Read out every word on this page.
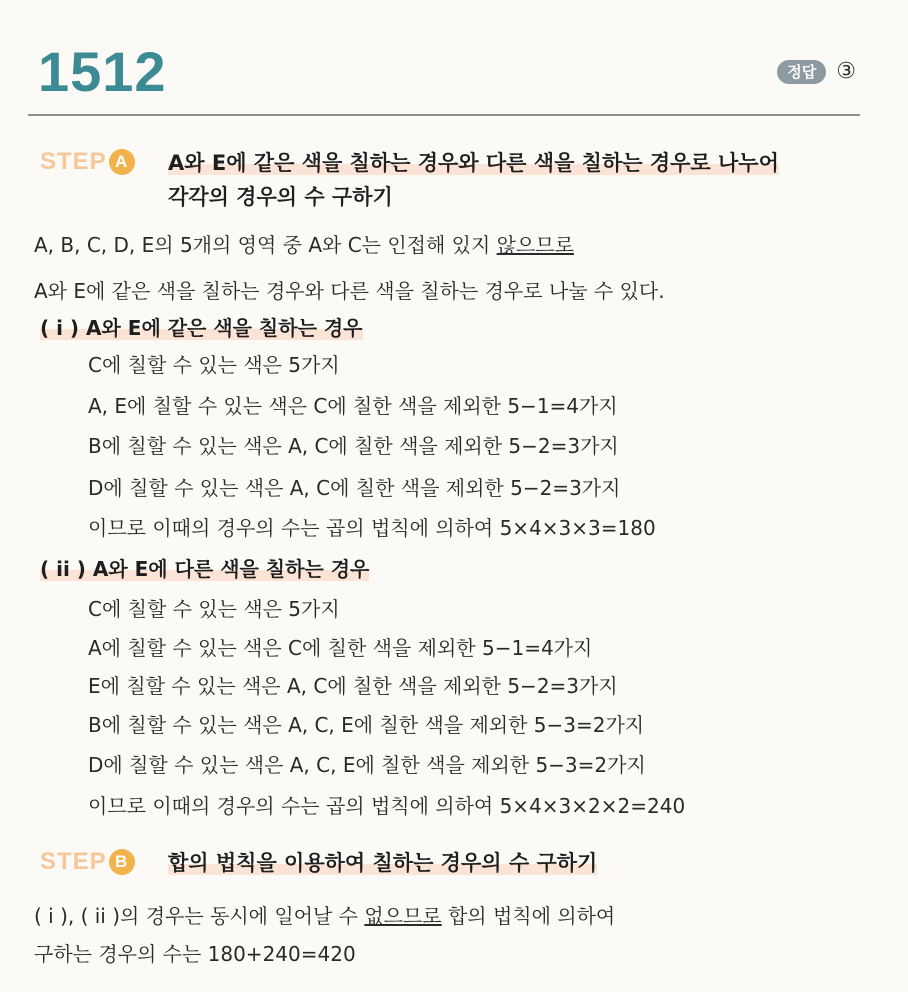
1512	정답 ③
STEP A	A와 E에 같은 색을 칠하는 경우와 다른 색을 칠하는 경우로 나누어
각각의 경우의 수 구하기
A, B, C, D, E의 5개의 영역 중 A와 C는 인접해 있지 않으므로
A와 E에 같은 색을 칠하는 경우와 다른 색을 칠하는 경우로 나눌 수 있다.
( i ) A와 E에 같은 색을 칠하는 경우
C에 칠할 수 있는 색은 5가지
A, E에 칠할 수 있는 색은 C에 칠한 색을 제외한 5−1=4가지
B에 칠할 수 있는 색은 A, C에 칠한 색을 제외한 5−2=3가지
D에 칠할 수 있는 색은 A, C에 칠한 색을 제외한 5−2=3가지
이므로 이때의 경우의 수는 곱의 법칙에 의하여 5×4×3×3=180
( ii ) A와 E에 다른 색을 칠하는 경우
C에 칠할 수 있는 색은 5가지
A에 칠할 수 있는 색은 C에 칠한 색을 제외한 5−1=4가지
E에 칠할 수 있는 색은 A, C에 칠한 색을 제외한 5−2=3가지
B에 칠할 수 있는 색은 A, C, E에 칠한 색을 제외한 5−3=2가지
D에 칠할 수 있는 색은 A, C, E에 칠한 색을 제외한 5−3=2가지
이므로 이때의 경우의 수는 곱의 법칙에 의하여 5×4×3×2×2=240
STEP B	합의 법칙을 이용하여 칠하는 경우의 수 구하기
( i ), ( ii )의 경우는 동시에 일어날 수 없으므로 합의 법칙에 의하여
구하는 경우의 수는 180+240=420
